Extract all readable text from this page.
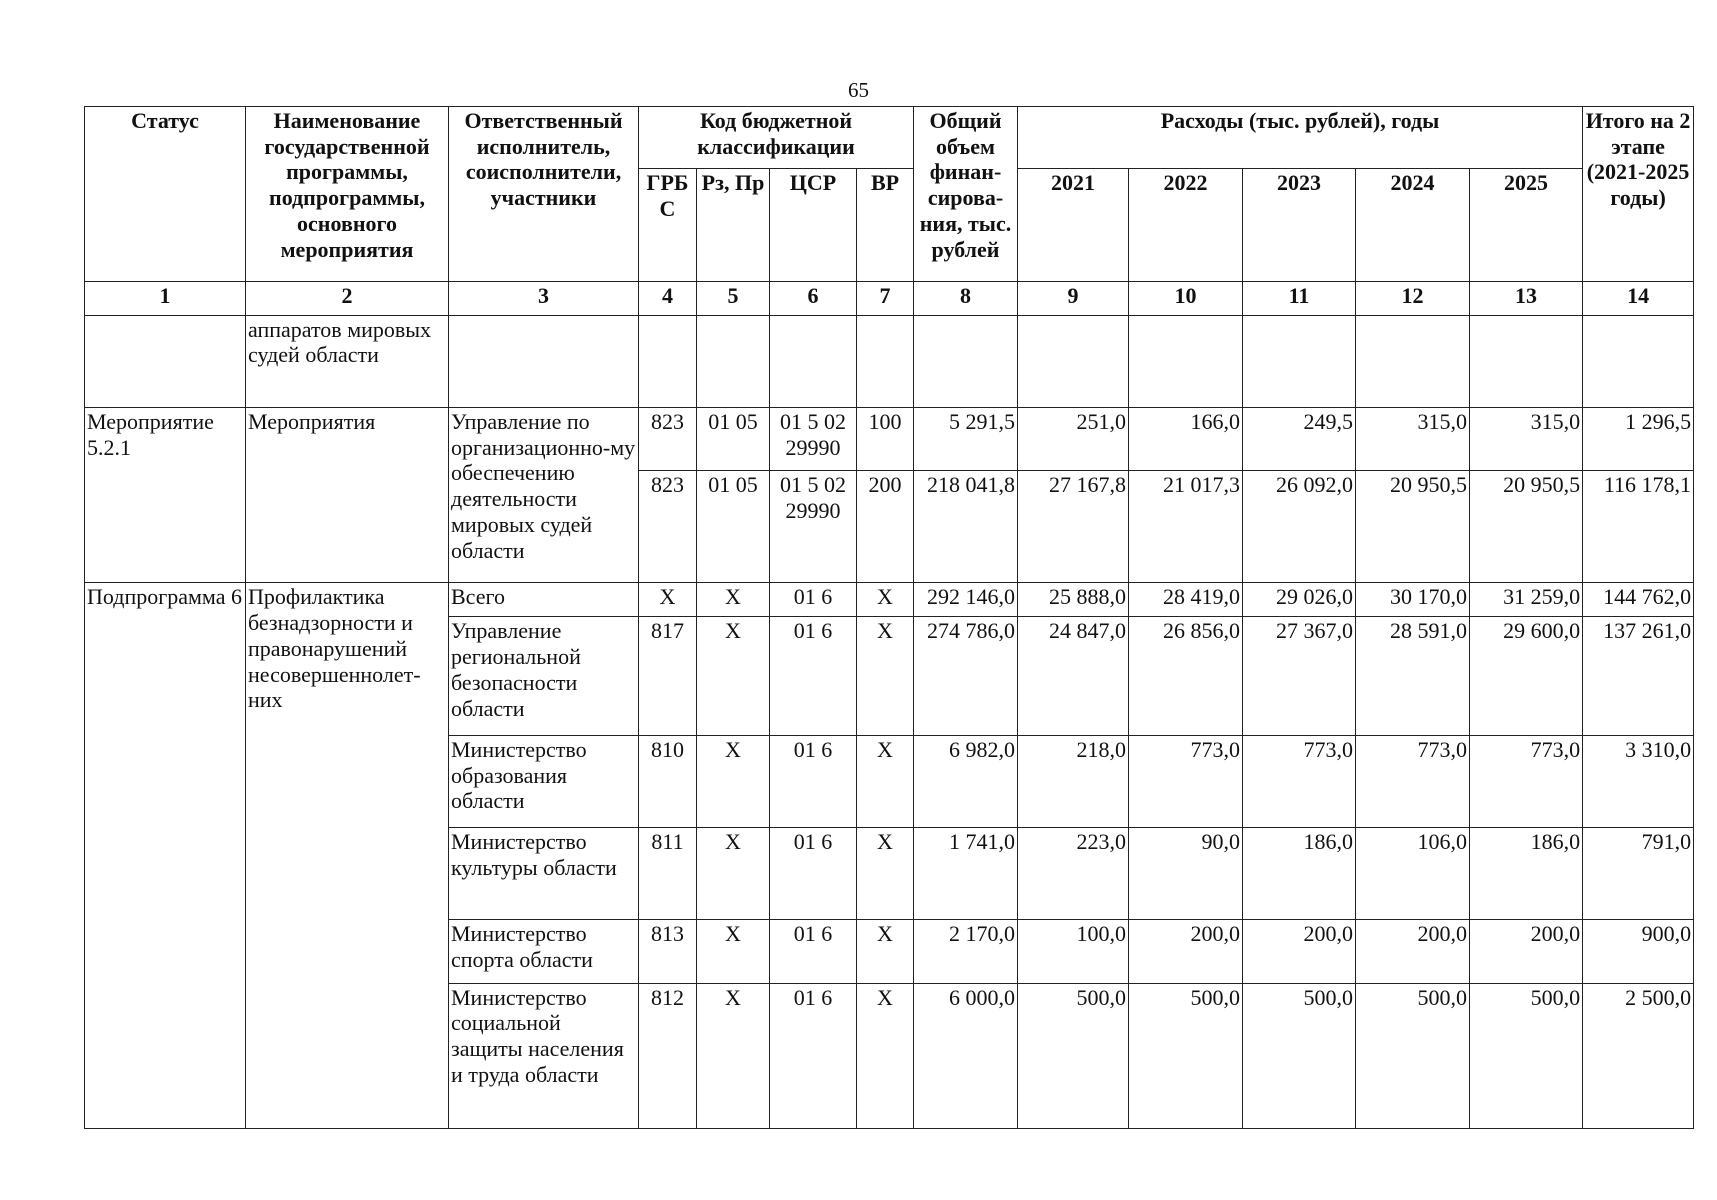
65
Статус	Наименование государственной программы, подпрограммы, основного мероприятия	Ответственный исполнитель, соисполнители, участники	Код бюджетной классификации				Общий объем финан-сирова-ния, тыс. рублей	Расходы (тыс. рублей), годы					Итого на 2 этапе (2021-2025 годы)
			ГРБ С	Рз, Пр	ЦСР	ВР		2021	2022	2023	2024	2025	
1	2	3	4	5	6	7	8	9	10	11	12	13	14
	аппаратов мировых судей области												
Мероприятие 5.2.1	Мероприятия	Управление по организационно-му обеспечению деятельности мировых судей области	823	01 05	01 5 02 29990	100	5 291,5	251,0	166,0	249,5	315,0	315,0	1 296,5
			823	01 05	01 5 02 29990	200	218 041,8	27 167,8	21 017,3	26 092,0	20 950,5	20 950,5	116 178,1
Подпрограмма 6	Профилактика безнадзорности и правонарушений несовершеннолет-них	Всего	Х	Х	01 6	Х	292 146,0	25 888,0	28 419,0	29 026,0	30 170,0	31 259,0	144 762,0
		Управление региональной безопасности области	817	Х	01 6	Х	274 786,0	24 847,0	26 856,0	27 367,0	28 591,0	29 600,0	137 261,0
		Министерство образования области	810	Х	01 6	Х	6 982,0	218,0	773,0	773,0	773,0	773,0	3 310,0
		Министерство культуры области	811	Х	01 6	Х	1 741,0	223,0	90,0	186,0	106,0	186,0	791,0
		Министерство спорта области	813	Х	01 6	Х	2 170,0	100,0	200,0	200,0	200,0	200,0	900,0
		Министерство социальной защиты населения и труда области	812	Х	01 6	Х	6 000,0	500,0	500,0	500,0	500,0	500,0	2 500,0
